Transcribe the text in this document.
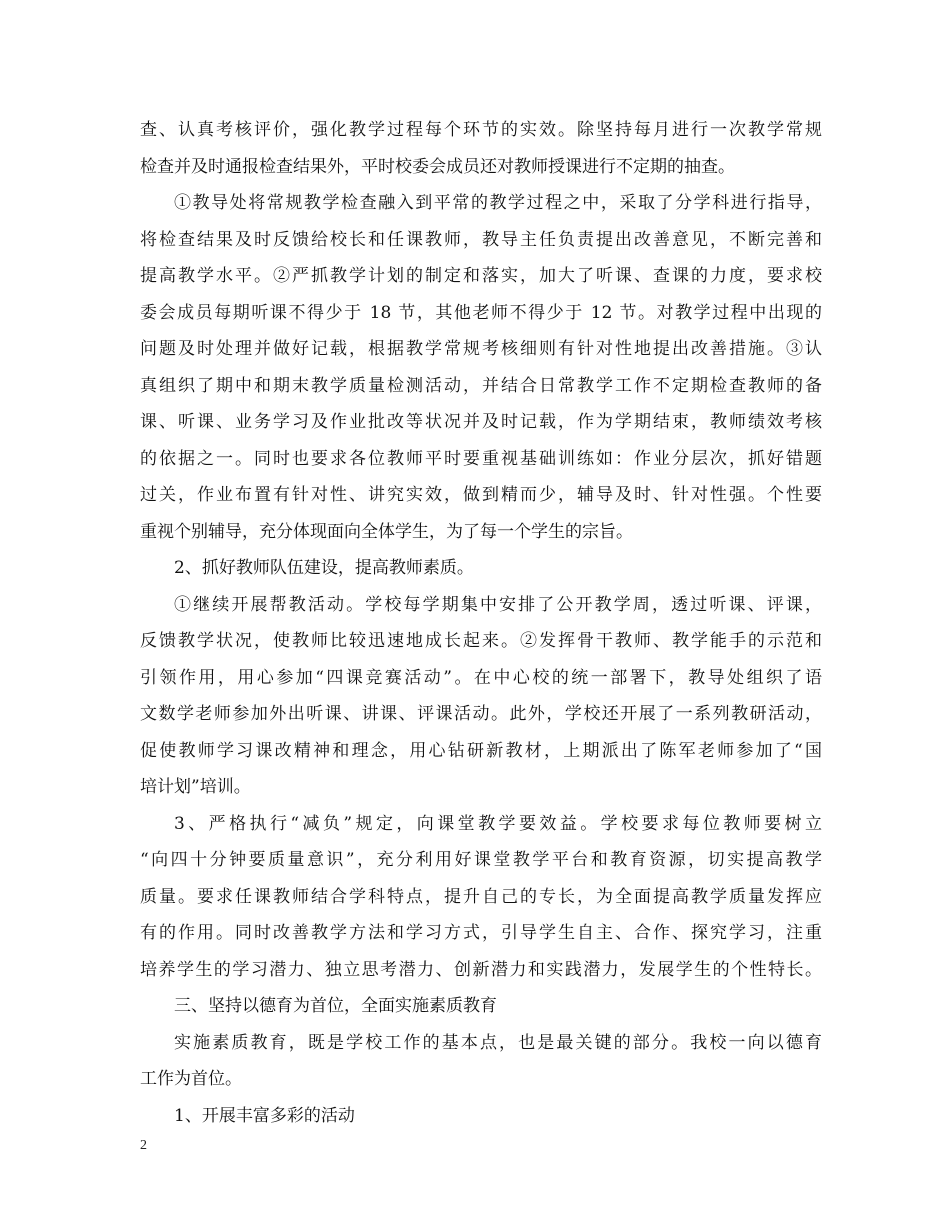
查、认真考核评价，强化教学过程每个环节的实效。除坚持每月进行一次教学常规
检查并及时通报检查结果外，平时校委会成员还对教师授课进行不定期的抽查。
①教导处将常规教学检查融入到平常的教学过程之中，采取了分学科进行指导，
将检查结果及时反馈给校长和任课教师，教导主任负责提出改善意见，不断完善和
提高教学水平。②严抓教学计划的制定和落实，加大了听课、查课的力度，要求校
委会成员每期听课不得少于 18 节，其他老师不得少于 12 节。对教学过程中出现的
问题及时处理并做好记载，根据教学常规考核细则有针对性地提出改善措施。③认
真组织了期中和期末教学质量检测活动，并结合日常教学工作不定期检查教师的备
课、听课、业务学习及作业批改等状况并及时记载，作为学期结束，教师绩效考核
的依据之一。同时也要求各位教师平时要重视基础训练如：作业分层次，抓好错题
过关，作业布置有针对性、讲究实效，做到精而少，辅导及时、针对性强。个性要
重视个别辅导，充分体现面向全体学生，为了每一个学生的宗旨。
2、抓好教师队伍建设，提高教师素质。
①继续开展帮教活动。学校每学期集中安排了公开教学周，透过听课、评课，
反馈教学状况，使教师比较迅速地成长起来。②发挥骨干教师、教学能手的示范和
引领作用，用心参加“四课竞赛活动”。在中心校的统一部署下，教导处组织了语
文数学老师参加外出听课、讲课、评课活动。此外，学校还开展了一系列教研活动，
促使教师学习课改精神和理念，用心钻研新教材，上期派出了陈军老师参加了“国
培计划”培训。
3、严格执行“减负”规定，向课堂教学要效益。学校要求每位教师要树立
“向四十分钟要质量意识”，充分利用好课堂教学平台和教育资源，切实提高教学
质量。要求任课教师结合学科特点，提升自己的专长，为全面提高教学质量发挥应
有的作用。同时改善教学方法和学习方式，引导学生自主、合作、探究学习，注重
培养学生的学习潜力、独立思考潜力、创新潜力和实践潜力，发展学生的个性特长。
三、坚持以德育为首位，全面实施素质教育
实施素质教育，既是学校工作的基本点，也是最关键的部分。我校一向以德育
工作为首位。
1、开展丰富多彩的活动
2
